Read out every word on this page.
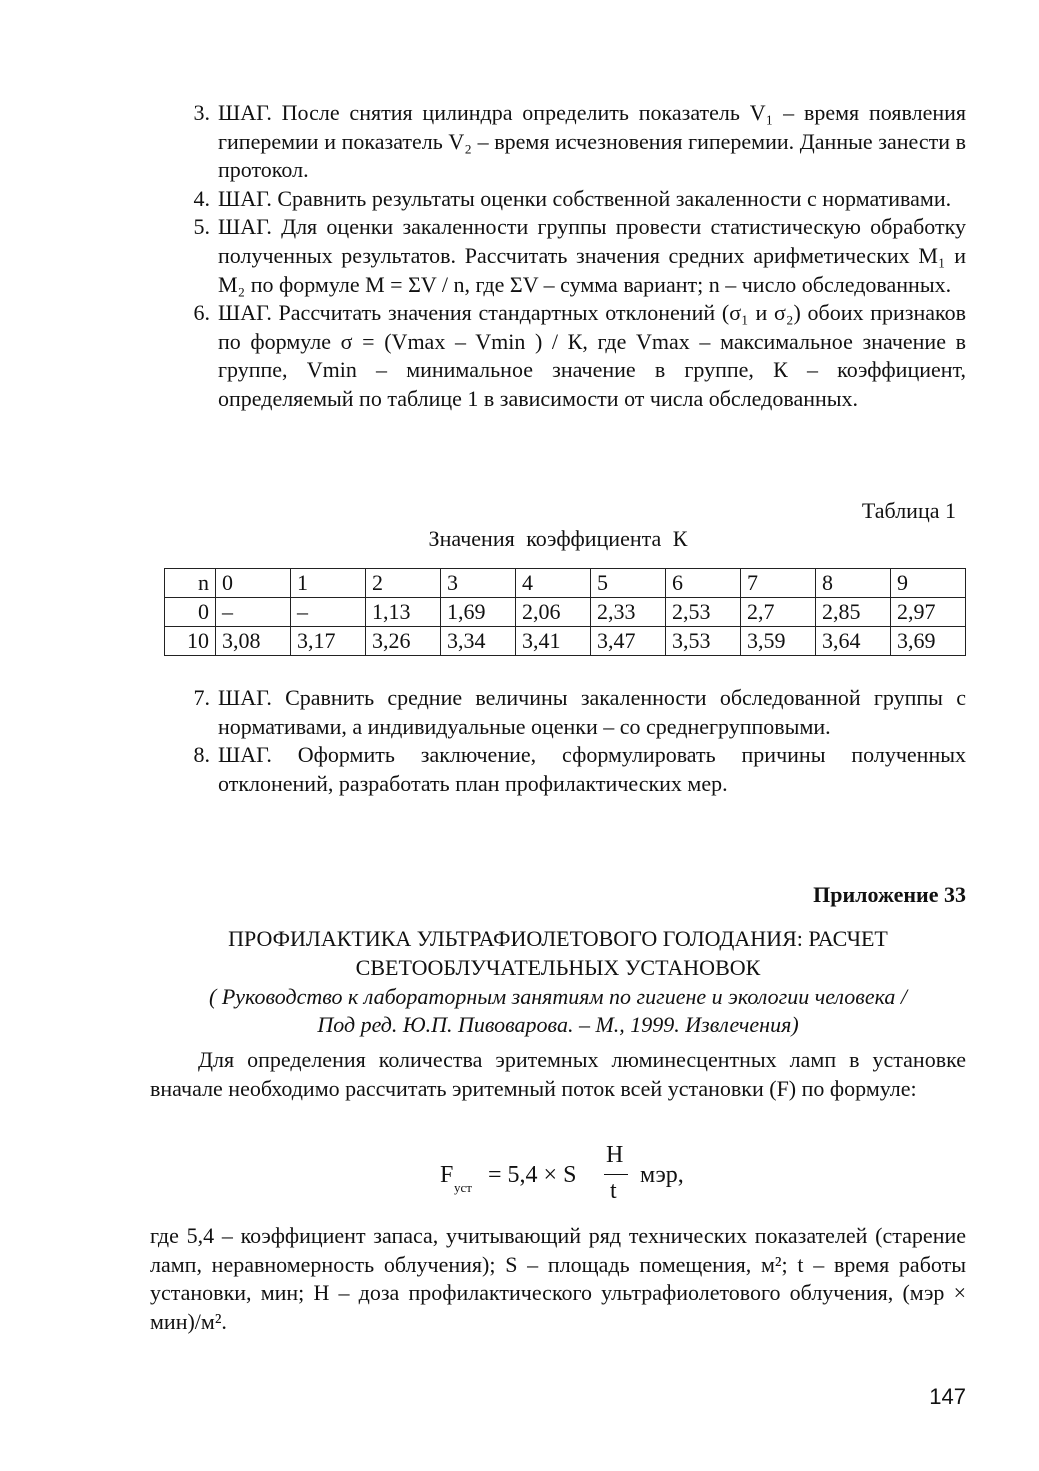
3. ШАГ. После снятия цилиндра определить показатель V₁ – время появления гиперемии и показатель V₂ – время исчезновения гиперемии. Данные занести в протокол.
4. ШАГ. Сравнить результаты оценки собственной закаленности с нормативами.
5. ШАГ. Для оценки закаленности группы провести статистическую обработку полученных результатов. Рассчитать значения средних арифметических M₁ и M₂ по формуле M = ΣV / n, где ΣV – сумма вариант; n – число обследованных.
6. ШАГ. Рассчитать значения стандартных отклонений (σ₁ и σ₂) обоих признаков по формуле σ = (Vmax – Vmin ) / К, где Vmax – максимальное значение в группе, Vmin – минимальное значение в группе, К – коэффициент, определяемый по таблице 1 в зависимости от числа обследованных.
Таблица 1
Значения коэффициента К
n	0	1	2	3	4	5	6	7	8	9
0	–	–	1,13	1,69	2,06	2,33	2,53	2,7	2,85	2,97
10	3,08	3,17	3,26	3,34	3,41	3,47	3,53	3,59	3,64	3,69
7. ШАГ. Сравнить средние величины закаленности обследованной группы с нормативами, а индивидуальные оценки – со среднегрупповыми.
8. ШАГ. Оформить заключение, сформулировать причины полученных отклонений, разработать план профилактических мер.
Приложение 33
ПРОФИЛАКТИКА УЛЬТРАФИОЛЕТОВОГО ГОЛОДАНИЯ: РАСЧЕТ
СВЕТООБЛУЧАТЕЛЬНЫХ УСТАНОВОК
( Руководство к лабораторным занятиям по гигиене и экологии человека /
Под ред. Ю.П. Пивоварова. – М., 1999. Извлечения)
Для определения количества эритемных люминесцентных ламп в установке вначале необходимо рассчитать эритемный поток всей установки (F) по формуле:
F уст = 5,4 × S
H
t
мэр,
где 5,4 – коэффициент запаса, учитывающий ряд технических показателей (старение ламп, неравномерность облучения); S – площадь помещения, м²; t – время работы установки, мин; H – доза профилактического ультрафиолетового облучения, (мэр × мин)/м².
147
